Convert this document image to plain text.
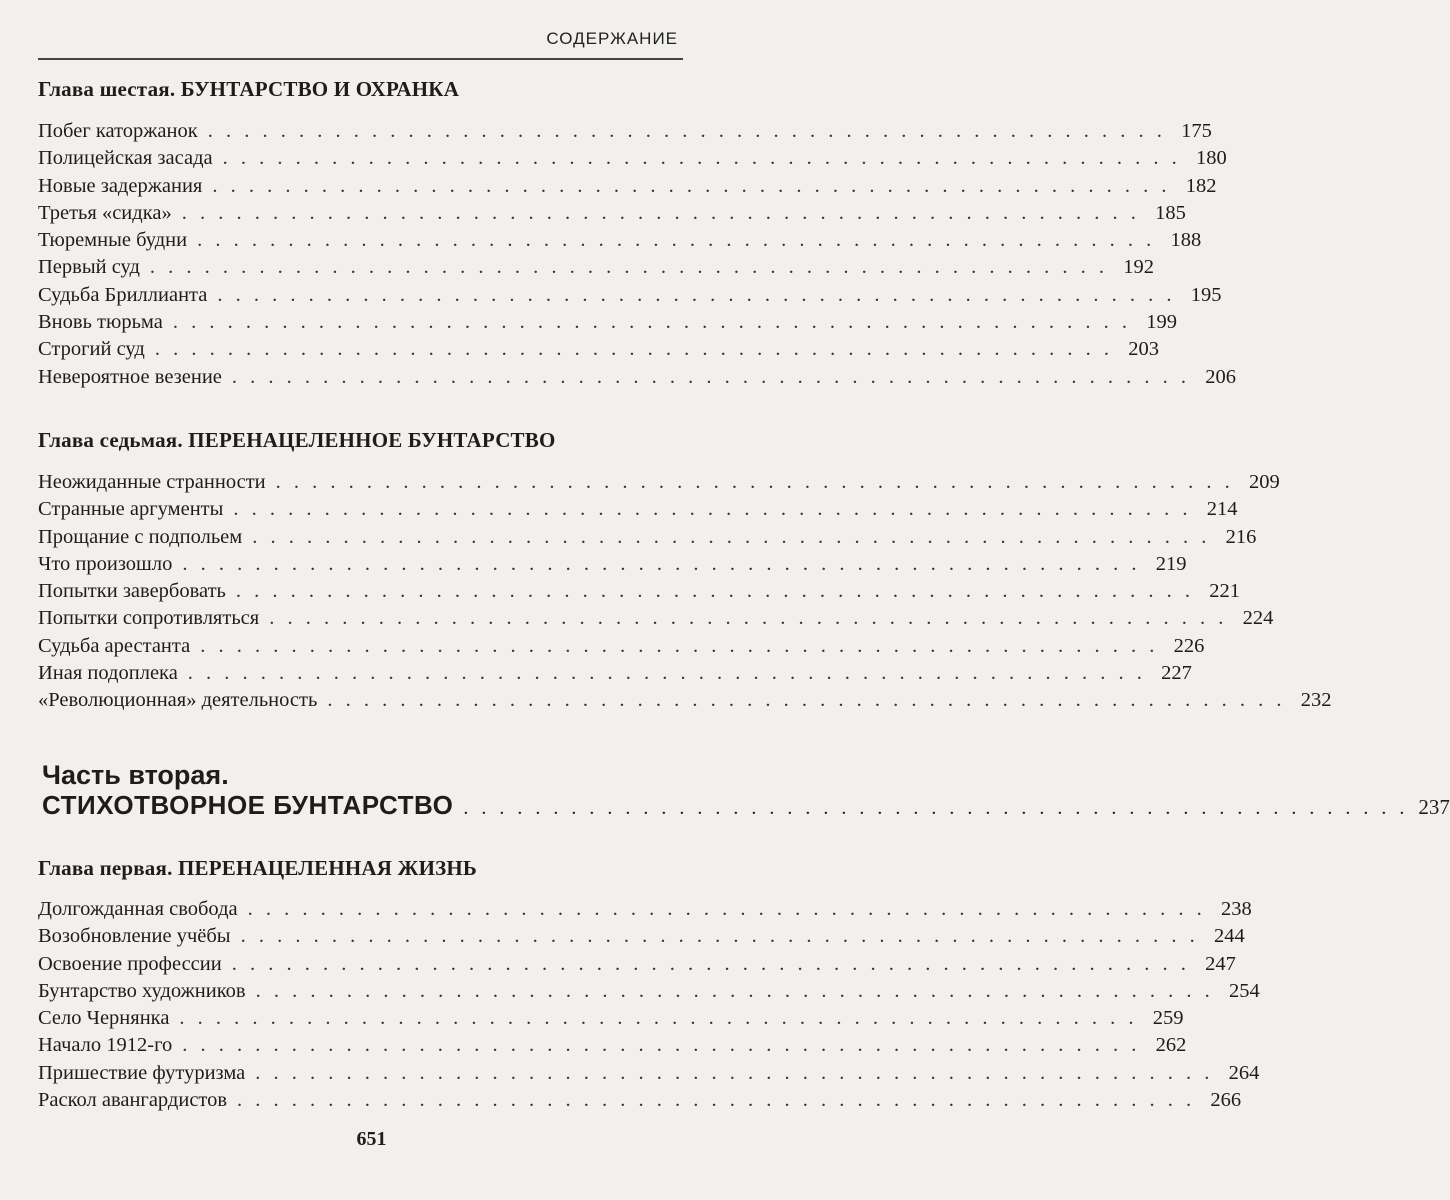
СОДЕРЖАНИЕ
Глава шестая. БУНТАРСТВО И ОХРАНКА
Побег каторжанок . . . . . . . . . . . . . . . . . . . . . . . . . . . . . . . . . . . . . . . . . . . . . . . . . . . . . 175
Полицейская засада . . . . . . . . . . . . . . . . . . . . . . . . . . . . . . . . . . . . . . . . . . . . . . . . . . . . . 180
Новые задержания . . . . . . . . . . . . . . . . . . . . . . . . . . . . . . . . . . . . . . . . . . . . . . . . . . . . . 182
Третья «сидка» . . . . . . . . . . . . . . . . . . . . . . . . . . . . . . . . . . . . . . . . . . . . . . . . . . . . . 185
Тюремные будни . . . . . . . . . . . . . . . . . . . . . . . . . . . . . . . . . . . . . . . . . . . . . . . . . . . . . 188
Первый суд . . . . . . . . . . . . . . . . . . . . . . . . . . . . . . . . . . . . . . . . . . . . . . . . . . . . . 192
Судьба Бриллианта . . . . . . . . . . . . . . . . . . . . . . . . . . . . . . . . . . . . . . . . . . . . . . . . . . . . . 195
Вновь тюрьма . . . . . . . . . . . . . . . . . . . . . . . . . . . . . . . . . . . . . . . . . . . . . . . . . . . . . 199
Строгий суд . . . . . . . . . . . . . . . . . . . . . . . . . . . . . . . . . . . . . . . . . . . . . . . . . . . . . 203
Невероятное везение . . . . . . . . . . . . . . . . . . . . . . . . . . . . . . . . . . . . . . . . . . . . . . . . . . . . . 206
Глава седьмая. ПЕРЕНАЦЕЛЕННОЕ БУНТАРСТВО
Неожиданные странности . . . . . . . . . . . . . . . . . . . . . . . . . . . . . . . . . . . . . . . . . . . . . . . . . . . . . 209
Странные аргументы . . . . . . . . . . . . . . . . . . . . . . . . . . . . . . . . . . . . . . . . . . . . . . . . . . . . . 214
Прощание с подпольем . . . . . . . . . . . . . . . . . . . . . . . . . . . . . . . . . . . . . . . . . . . . . . . . . . . . . 216
Что произошло . . . . . . . . . . . . . . . . . . . . . . . . . . . . . . . . . . . . . . . . . . . . . . . . . . . . . 219
Попытки завербовать . . . . . . . . . . . . . . . . . . . . . . . . . . . . . . . . . . . . . . . . . . . . . . . . . . . . . 221
Попытки сопротивляться . . . . . . . . . . . . . . . . . . . . . . . . . . . . . . . . . . . . . . . . . . . . . . . . . . . . . 224
Судьба арестанта . . . . . . . . . . . . . . . . . . . . . . . . . . . . . . . . . . . . . . . . . . . . . . . . . . . . . 226
Иная подоплека . . . . . . . . . . . . . . . . . . . . . . . . . . . . . . . . . . . . . . . . . . . . . . . . . . . . . 227
«Революционная» деятельность . . . . . . . . . . . . . . . . . . . . . . . . . . . . . . . . . . . . . . . . . . . . . . . . . . . . . 232
Часть вторая.
СТИХОТВОРНОЕ БУНТАРСТВО . . . . . . . . . . . . . . . . . . . . . . . . . . . . . . . . . . . . . . . . . . . . . . . . . . . . . 237
Глава первая. ПЕРЕНАЦЕЛЕННАЯ ЖИЗНЬ
Долгожданная свобода . . . . . . . . . . . . . . . . . . . . . . . . . . . . . . . . . . . . . . . . . . . . . . . . . . . . . 238
Возобновление учёбы . . . . . . . . . . . . . . . . . . . . . . . . . . . . . . . . . . . . . . . . . . . . . . . . . . . . . 244
Освоение профессии . . . . . . . . . . . . . . . . . . . . . . . . . . . . . . . . . . . . . . . . . . . . . . . . . . . . . 247
Бунтарство художников . . . . . . . . . . . . . . . . . . . . . . . . . . . . . . . . . . . . . . . . . . . . . . . . . . . . . 254
Село Чернянка . . . . . . . . . . . . . . . . . . . . . . . . . . . . . . . . . . . . . . . . . . . . . . . . . . . . . 259
Начало 1912-го . . . . . . . . . . . . . . . . . . . . . . . . . . . . . . . . . . . . . . . . . . . . . . . . . . . . . 262
Пришествие футуризма . . . . . . . . . . . . . . . . . . . . . . . . . . . . . . . . . . . . . . . . . . . . . . . . . . . . . 264
Раскол авангардистов . . . . . . . . . . . . . . . . . . . . . . . . . . . . . . . . . . . . . . . . . . . . . . . . . . . . . 266
651
